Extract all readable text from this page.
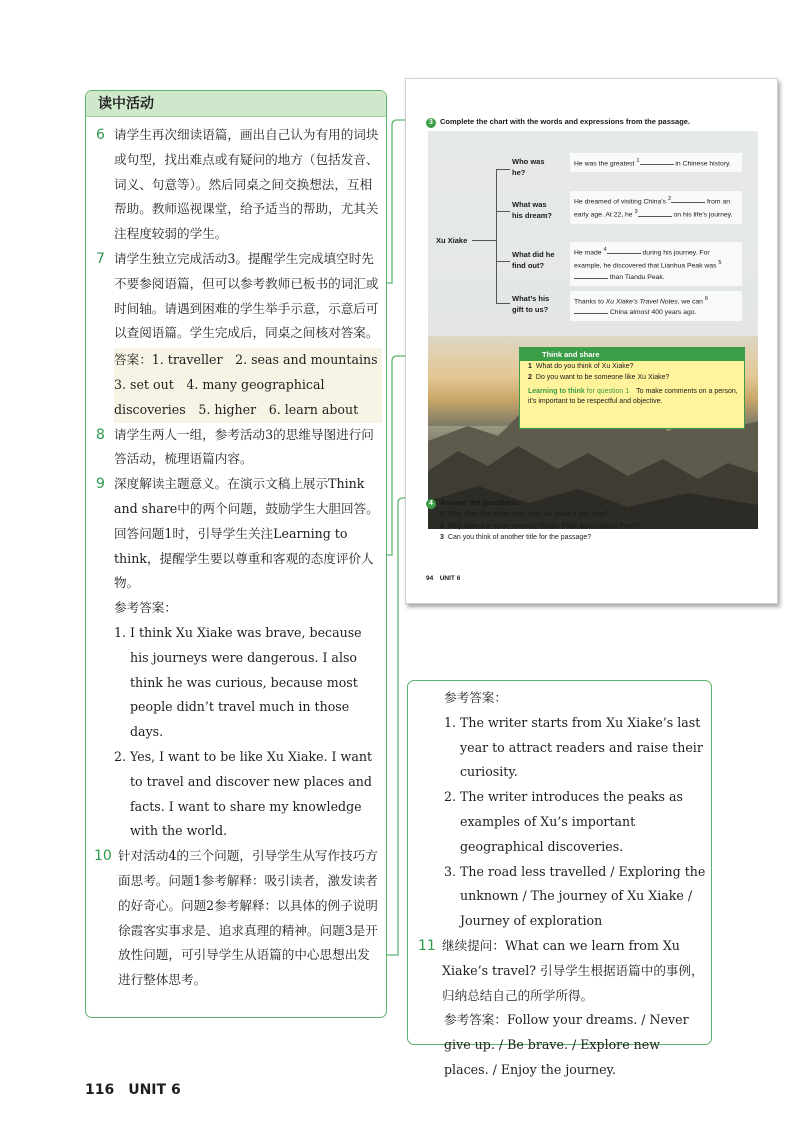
读中活动

6 请学生再次细读语篇，画出自己认为有用的词块或句型，找出难点或有疑问的地方（包括发音、词义、句意等）。然后同桌之间交换想法，互相帮助。教师巡视课堂，给予适当的帮助，尤其关注程度较弱的学生。

7 请学生独立完成活动3。提醒学生完成填空时先不要参阅语篇，但可以参考教师已板书的词汇或时间轴。请遇到困难的学生举手示意，示意后可以查阅语篇。学生完成后，同桌之间核对答案。

答案：1. traveller　2. seas and mountains　3. set out　4. many geographical discoveries　5. higher　6. learn about

8 请学生两人一组，参考活动3的思维导图进行问答活动，梳理语篇内容。

9 深度解读主题意义。在演示文稿上展示Think and share中的两个问题，鼓励学生大胆回答。回答问题1时，引导学生关注Learning to think，提醒学生要以尊重和客观的态度评价人物。

参考答案：

1. I think Xu Xiake was brave, because his journeys were dangerous. I also think he was curious, because most people didn’t travel much in those days.

2. Yes, I want to be like Xu Xiake. I want to travel and discover new places and facts. I want to share my knowledge with the world.

10 针对活动4的三个问题，引导学生从写作技巧方面思考。问题1参考解释：吸引读者，激发读者的好奇心。问题2参考解释：以具体的例子说明徐霞客实事求是、追求真理的精神。问题3是开放性问题，可引导学生从语篇的中心思想出发进行整体思考。

3 Complete the chart with the words and expressions from the passage.
Xu Xiake
Who was he?
He was the greatest $^1$	in Chinese history.
What was his dream?
He dreamed of visiting China’s $^2$	from an early age. At 22, he $^3$	on his life’s journey.
What did he find out?
He made $^4$	during his journey. For example, he discovered that Lianhua Peak was $^5$ than Tiandu Peak.
What’s his gift to us?
Thanks to Xu Xiake’s Travel Notes, we can $^6$ China almost 400 years ago.
Think and share

1 What do you think of Xu Xiake?

2 Do you want to be someone like Xu Xiake?

Learning to think for question 1　 To make comments on a person, it’s important to be respectful and objective.

4 Answer the questions.

1 Why does the writer start from Xu Xiake’s last year?

2 Why does the writer mention Tiandu Peak and Lianhua Peak?

3 Can you think of another title for the passage?

94　UNIT 6

参考答案：

1. The writer starts from Xu Xiake’s last year to attract readers and raise their curiosity.

2. The writer introduces the peaks as examples of Xu’s important geographical discoveries.

3. The road less travelled / Exploring the unknown / The journey of Xu Xiake / Journey of exploration

11 继续提问：What can we learn from Xu Xiake’s travel? 引导学生根据语篇中的事例，归纳总结自己的所学所得。

参考答案：Follow your dreams. / Never give up. / Be brave. / Explore new places. / Enjoy the journey.

116　UNIT 6
